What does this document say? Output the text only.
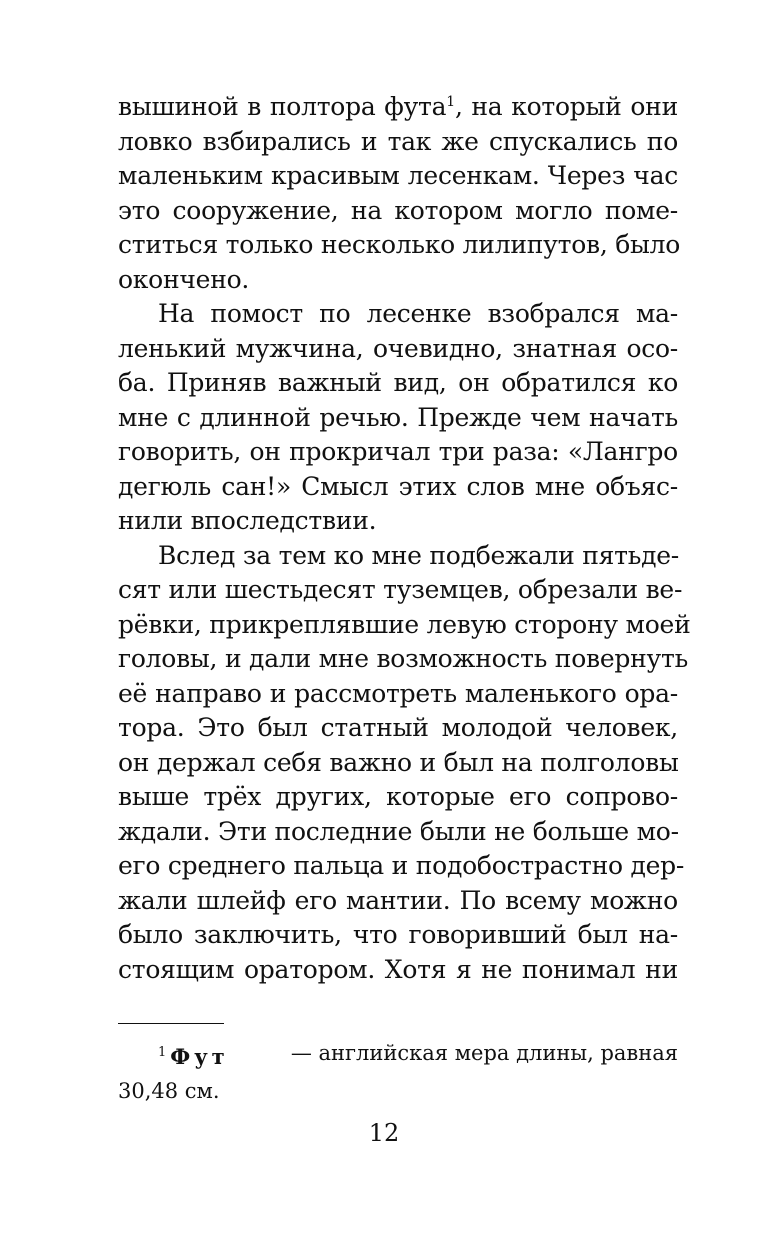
вышиной в полтора фута$^1$, на который они
ловко взбирались и так же спускались по
маленьким красивым лесенкам. Через час
это сооружение, на котором могло поме-
ститься только несколько лилипутов, было
окончено.
На помост по лесенке взобрался ма-
ленький мужчина, очевидно, знатная осо-
ба. Приняв важный вид, он обратился ко
мне с длинной речью. Прежде чем начать
говорить, он прокричал три раза: «Лангро
дегюль сан!» Смысл этих слов мне объяс-
нили впоследствии.
Вслед за тем ко мне подбежали пятьде-
сят или шестьдесят туземцев, обрезали ве-
рёвки, прикреплявшие левую сторону моей
головы, и дали мне возможность повернуть
её направо и рассмотреть маленького ора-
тора. Это был статный молодой человек,
он держал себя важно и был на полголовы
выше трёх других, которые его сопрово-
ждали. Эти последние были не больше мо-
его среднего пальца и подобострастно дер-
жали шлейф его мантии. По всему можно
было заключить, что говоривший был на-
стоящим оратором. Хотя я не понимал ни
$^1$ Фут	— английская мера длины, равная
30,48 см.
12
